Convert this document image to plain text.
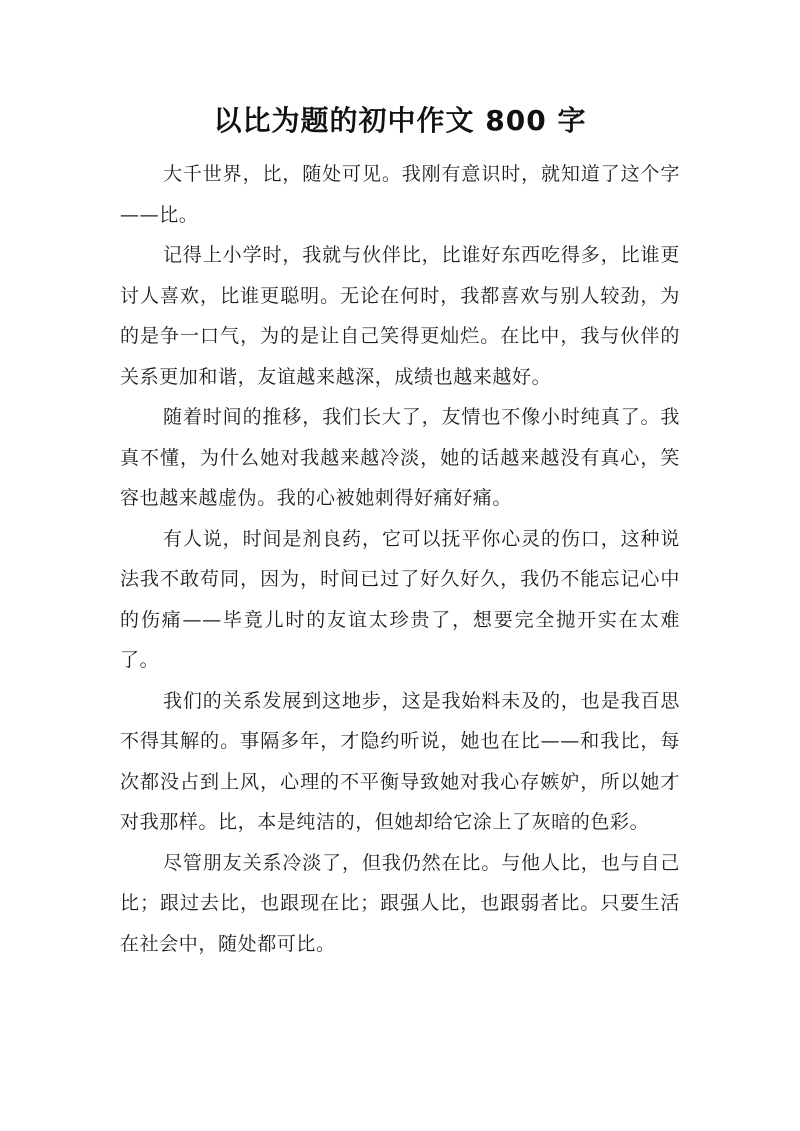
以比为题的初中作文 800 字

大千世界，比，随处可见。我刚有意识时，就知道了这个字——比。

记得上小学时，我就与伙伴比，比谁好东西吃得多，比谁更讨人喜欢，比谁更聪明。无论在何时，我都喜欢与别人较劲，为的是争一口气，为的是让自己笑得更灿烂。在比中，我与伙伴的关系更加和谐，友谊越来越深，成绩也越来越好。

随着时间的推移，我们长大了，友情也不像小时纯真了。我真不懂，为什么她对我越来越冷淡，她的话越来越没有真心，笑容也越来越虚伪。我的心被她刺得好痛好痛。

有人说，时间是剂良药，它可以抚平你心灵的伤口，这种说法我不敢苟同，因为，时间已过了好久好久，我仍不能忘记心中的伤痛——毕竟儿时的友谊太珍贵了，想要完全抛开实在太难了。

我们的关系发展到这地步，这是我始料未及的，也是我百思不得其解的。事隔多年，才隐约听说，她也在比——和我比，每次都没占到上风，心理的不平衡导致她对我心存嫉妒，所以她才对我那样。比，本是纯洁的，但她却给它涂上了灰暗的色彩。

尽管朋友关系冷淡了，但我仍然在比。与他人比，也与自己比；跟过去比，也跟现在比；跟强人比，也跟弱者比。只要生活在社会中，随处都可比。
